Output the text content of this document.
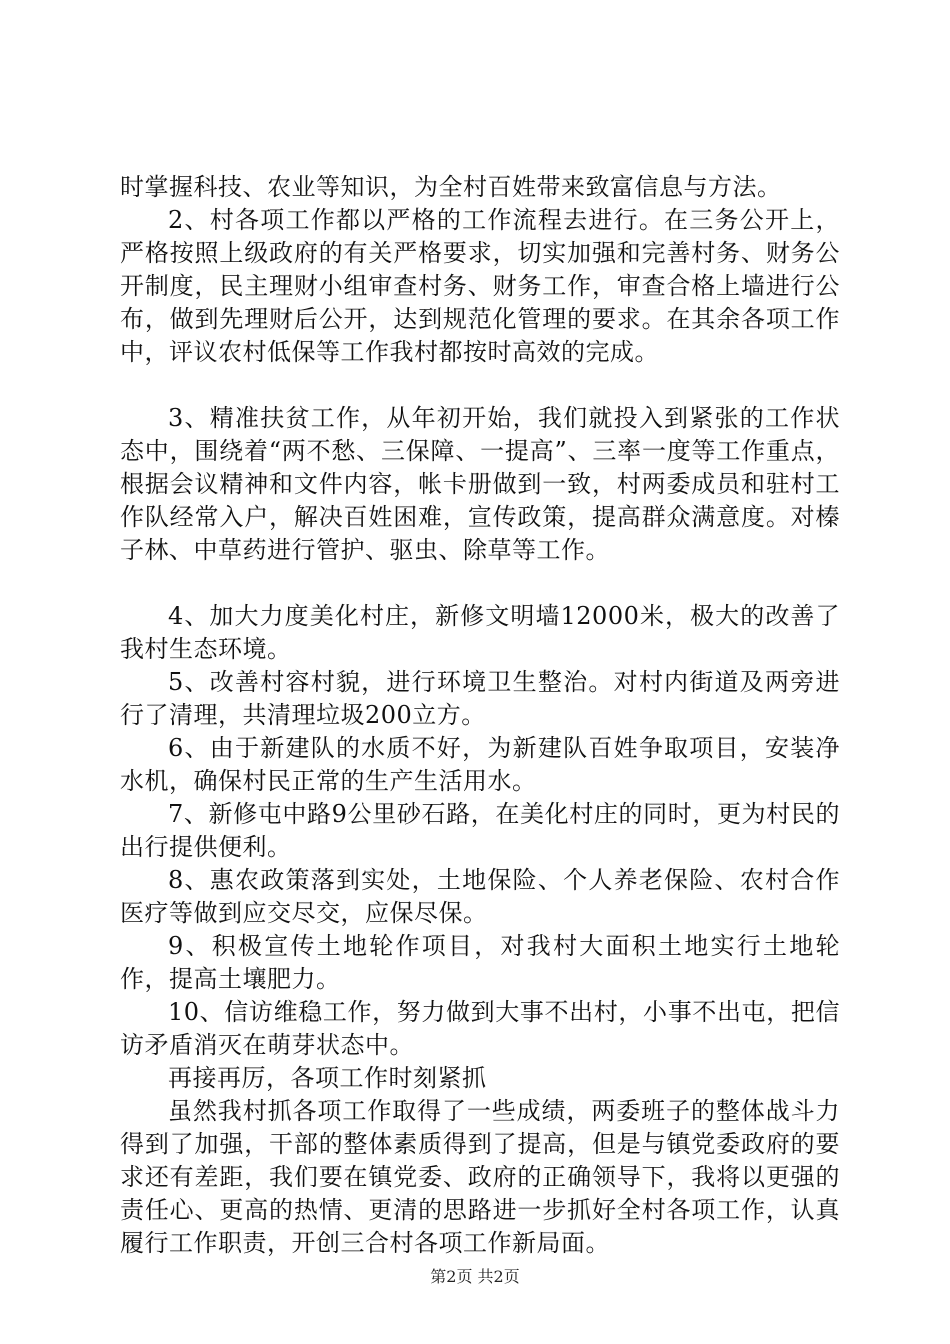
时掌握科技、农业等知识，为全村百姓带来致富信息与方法。

2、村各项工作都以严格的工作流程去进行。在三务公开上，严格按照上级政府的有关严格要求，切实加强和完善村务、财务公开制度，民主理财小组审查村务、财务工作，审查合格上墙进行公布，做到先理财后公开，达到规范化管理的要求。在其余各项工作中，评议农村低保等工作我村都按时高效的完成。

3、精准扶贫工作，从年初开始，我们就投入到紧张的工作状态中，围绕着“两不愁、三保障、一提高”、三率一度等工作重点，根据会议精神和文件内容，帐卡册做到一致，村两委成员和驻村工作队经常入户，解决百姓困难，宣传政策，提高群众满意度。对榛子林、中草药进行管护、驱虫、除草等工作。

4、加大力度美化村庄，新修文明墙12000米，极大的改善了我村生态环境。

5、改善村容村貌，进行环境卫生整治。对村内街道及两旁进行了清理，共清理垃圾200立方。

6、由于新建队的水质不好，为新建队百姓争取项目，安装净水机，确保村民正常的生产生活用水。

7、新修屯中路9公里砂石路，在美化村庄的同时，更为村民的出行提供便利。

8、惠农政策落到实处，土地保险、个人养老保险、农村合作医疗等做到应交尽交，应保尽保。

9、积极宣传土地轮作项目，对我村大面积土地实行土地轮作，提高土壤肥力。

10、信访维稳工作，努力做到大事不出村，小事不出屯，把信访矛盾消灭在萌芽状态中。

再接再厉，各项工作时刻紧抓

虽然我村抓各项工作取得了一些成绩，两委班子的整体战斗力得到了加强，干部的整体素质得到了提高，但是与镇党委政府的要求还有差距，我们要在镇党委、政府的正确领导下，我将以更强的责任心、更高的热情、更清的思路进一步抓好全村各项工作，认真履行工作职责，开创三合村各项工作新局面。

第2页 共2页
